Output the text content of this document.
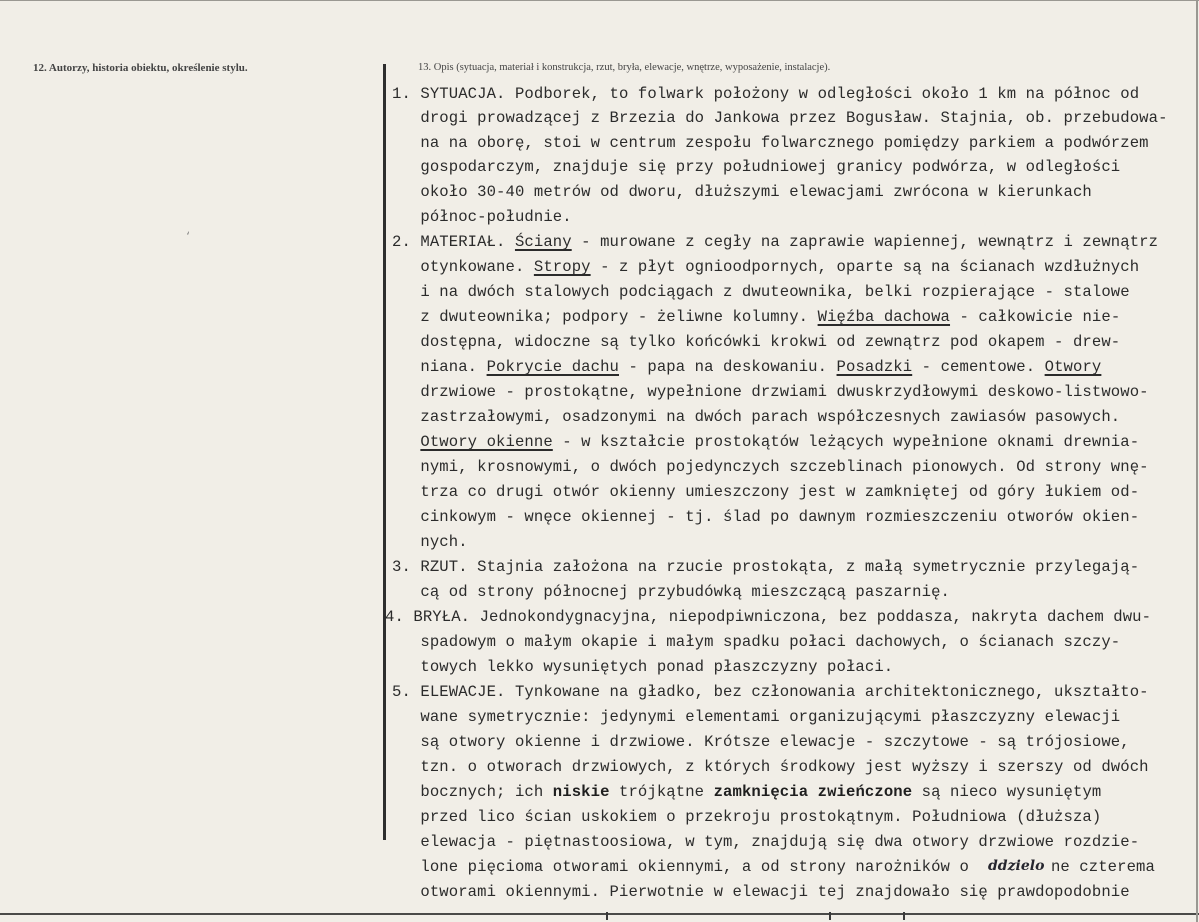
12. Autorzy, historia obiektu, określenie stylu.	13. Opis (sytuacja, materiał i konstrukcja, rzut, bryła, elewacje, wnętrze, wyposażenie, instalacje).
‘
1. SYTUACJA. Podborek, to folwark położony w odległości około 1 km na północ od
drogi prowadzącej z Brzezia do Jankowa przez Bogusław. Stajnia, ob. przebudowa-
na na oborę, stoi w centrum zespołu folwarcznego pomiędzy parkiem a podwórzem
gospodarczym, znajduje się przy południowej granicy podwórza, w odległości
około 30-40 metrów od dworu, dłuższymi elewacjami zwrócona w kierunkach
północ-południe.
2. MATERIAŁ. Ściany - murowane z cegły na zaprawie wapiennej, wewnątrz i zewnątrz
otynkowane. Stropy - z płyt ognioodpornych, oparte są na ścianach wzdłużnych
i na dwóch stalowych podciągach z dwuteownika, belki rozpierające - stalowe
z dwuteownika; podpory - żeliwne kolumny. Więźba dachowa - całkowicie nie-
dostępna, widoczne są tylko końcówki krokwi od zewnątrz pod okapem - drew-
niana. Pokrycie dachu - papa na deskowaniu. Posadzki - cementowe. Otwory
drzwiowe - prostokątne, wypełnione drzwiami dwuskrzydłowymi deskowo-listwowo-
zastrzałowymi, osadzonymi na dwóch parach współczesnych zawiasów pasowych.
Otwory okienne - w kształcie prostokątów leżących wypełnione oknami drewnia-
nymi, krosnowymi, o dwóch pojedynczych szczeblinach pionowych. Od strony wnę-
trza co drugi otwór okienny umieszczony jest w zamkniętej od góry łukiem od-
cinkowym - wnęce okiennej - tj. ślad po dawnym rozmieszczeniu otworów okien-
nych.
3. RZUT. Stajnia założona na rzucie prostokąta, z małą symetrycznie przylegają-
cą od strony północnej przybudówką mieszczącą paszarnię.
4. BRYŁA. Jednokondygnacyjna, niepodpiwniczona, bez poddasza, nakryta dachem dwu-
spadowym o małym okapie i małym spadku połaci dachowych, o ścianach szczy-
towych lekko wysuniętych ponad płaszczyzny połaci.
5. ELEWACJE. Tynkowane na gładko, bez członowania architektonicznego, ukształto-
wane symetrycznie: jedynymi elementami organizującymi płaszczyzny elewacji
są otwory okienne i drzwiowe. Krótsze elewacje - szczytowe - są trójosiowe,
tzn. o otworach drzwiowych, z których środkowy jest wyższy i szerszy od dwóch
bocznych; ich niskie trójkątne zamknięcia zwieńczone są nieco wysuniętym
przed lico ścian uskokiem o przekroju prostokątnym. Południowa (dłuższa)
elewacja - piętnastoosiowa, w tym, znajdują się dwa otwory drzwiowe rozdzie-
lone pięcioma otworami okiennymi, a od strony narożników o	ne czterema
otworami okiennymi. Pierwotnie w elewacji tej znajdowało się prawdopodobnie
ddzielo
